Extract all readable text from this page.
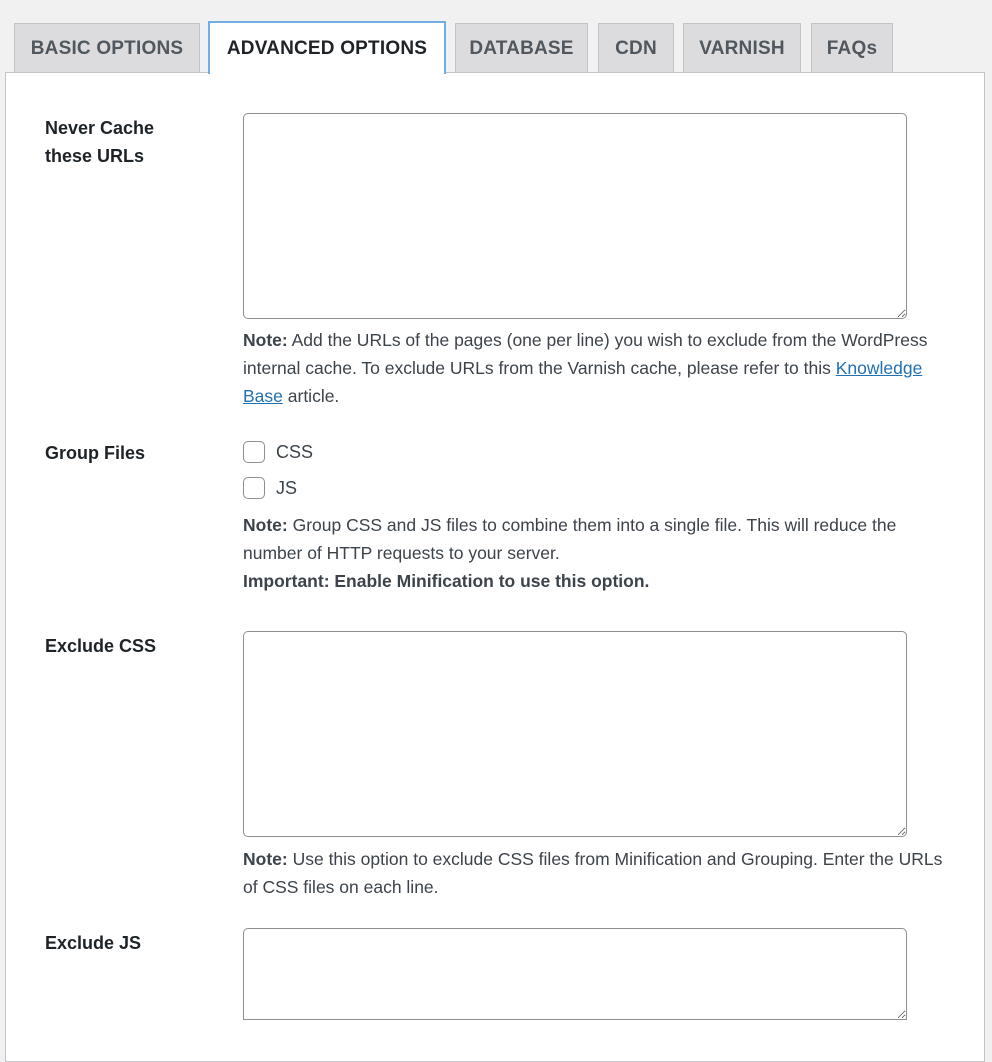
BASIC OPTIONS	ADVANCED OPTIONS	DATABASE	CDN	VARNISH	FAQs
Never Cache
these URLs
Note: Add the URLs of the pages (one per line) you wish to exclude from the WordPress internal cache. To exclude URLs from the Varnish cache, please refer to this Knowledge Base article.
Group Files	CSS
JS
Note: Group CSS and JS files to combine them into a single file. This will reduce the number of HTTP requests to your server.
Important: Enable Minification to use this option.
Exclude CSS
Note: Use this option to exclude CSS files from Minification and Grouping. Enter the URLs of CSS files on each line.
Exclude JS
